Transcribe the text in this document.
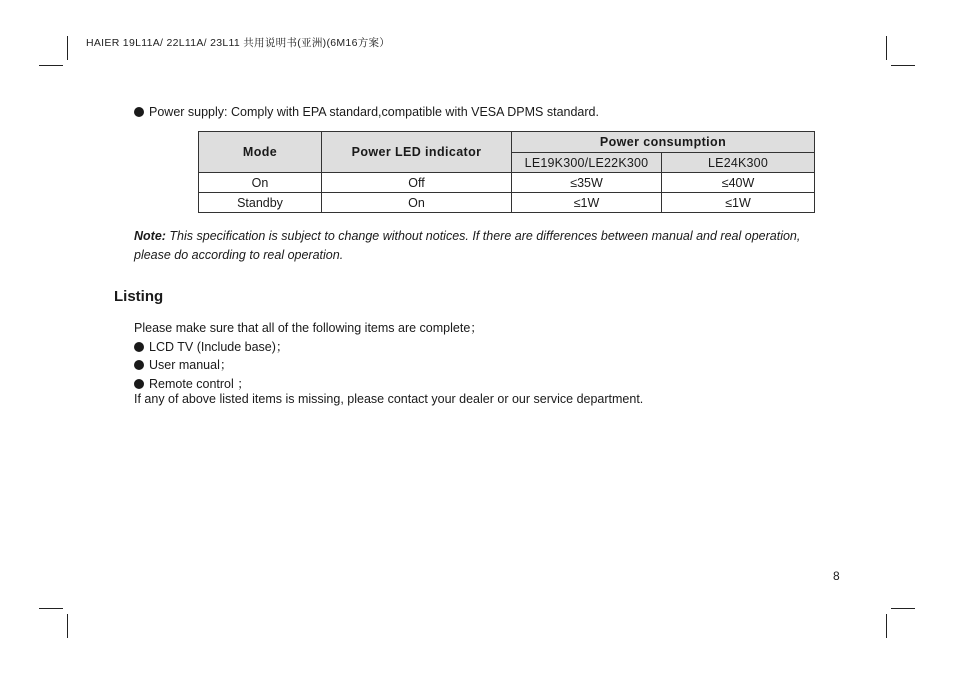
HAIER 19L11A/ 22L11A/ 23L11 共用说明书(亚洲)(6M16方案）
Power supply: Comply with EPA standard,compatible with VESA DPMS standard.
Mode	Power LED indicator	Power consumption	
		LE19K300/LE22K300	LE24K300
On	Off	≤35W	≤40W
Standby	On	≤1W	≤1W
Note: This specification is subject to change without notices. If there are differences between manual and real operation, please do according to real operation.
Listing
Please make sure that all of the following items are complete；
LCD TV (Include base)；
User manual；
Remote control ；
If any of above listed items is missing, please contact your dealer or our service department.
8
